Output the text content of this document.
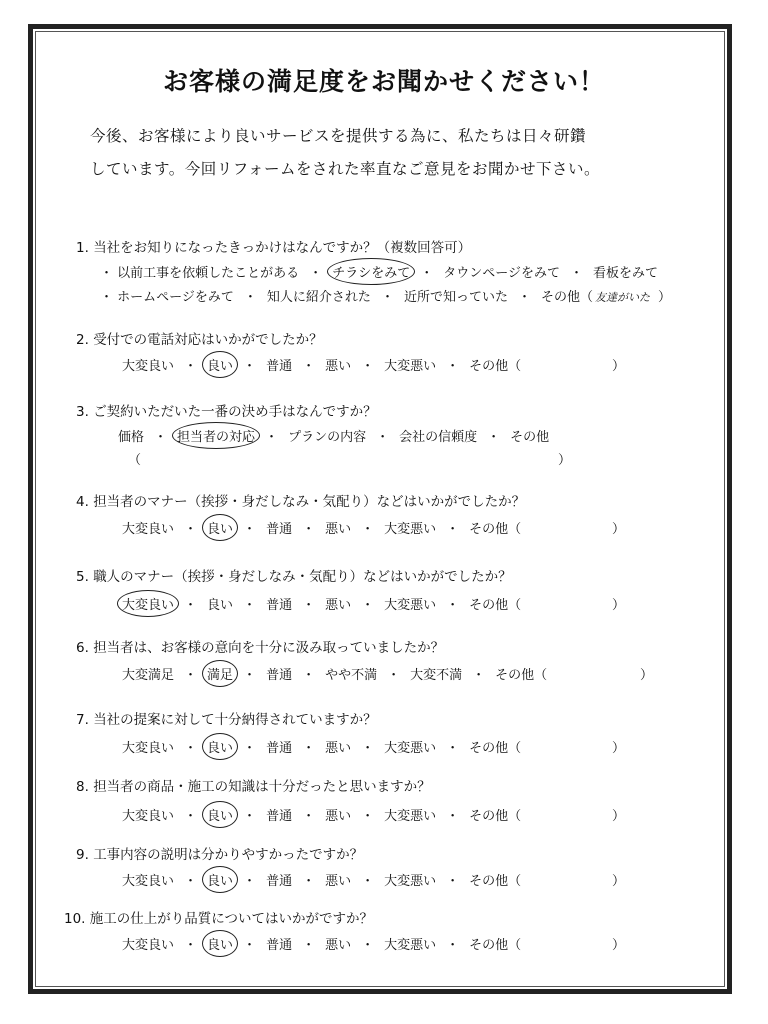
お客様の満足度をお聞かせください！
今後、お客様により良いサービスを提供する為に、私たちは日々研鑽
しています。今回リフォームをされた率直なご意見をお聞かせ下さい。
1. 当社をお知りになったきっかけはなんですか？（複数回答可）
・ 以前工事を依頼したことがある ・ チラシをみて ・ タウンページをみて ・ 看板をみて
・ ホームページをみて ・ 知人に紹介された ・ 近所で知っていた ・ その他（ 友達がいた ）
2. 受付での電話対応はいかがでしたか？
大変良い ・ 良い ・ 普通 ・ 悪い ・ 大変悪い ・ その他（	）
3. ご契約いただいた一番の決め手はなんですか？
価格 ・ 担当者の対応 ・ プランの内容 ・ 会社の信頼度 ・ その他
（	）
4. 担当者のマナー（挨拶・身だしなみ・気配り）などはいかがでしたか？
大変良い ・ 良い ・ 普通 ・ 悪い ・ 大変悪い ・ その他（	）
5. 職人のマナー（挨拶・身だしなみ・気配り）などはいかがでしたか？
大変良い ・ 良い ・ 普通 ・ 悪い ・ 大変悪い ・ その他（	）
6. 担当者は、お客様の意向を十分に汲み取っていましたか？
大変満足 ・ 満足 ・ 普通 ・ やや不満 ・ 大変不満 ・ その他（	）
7. 当社の提案に対して十分納得されていますか？
大変良い ・ 良い ・ 普通 ・ 悪い ・ 大変悪い ・ その他（	）
8. 担当者の商品・施工の知識は十分だったと思いますか？
大変良い ・ 良い ・ 普通 ・ 悪い ・ 大変悪い ・ その他（	）
9. 工事内容の説明は分かりやすかったですか？
大変良い ・ 良い ・ 普通 ・ 悪い ・ 大変悪い ・ その他（	）
10. 施工の仕上がり品質についてはいかがですか？
大変良い ・ 良い ・ 普通 ・ 悪い ・ 大変悪い ・ その他（	）
